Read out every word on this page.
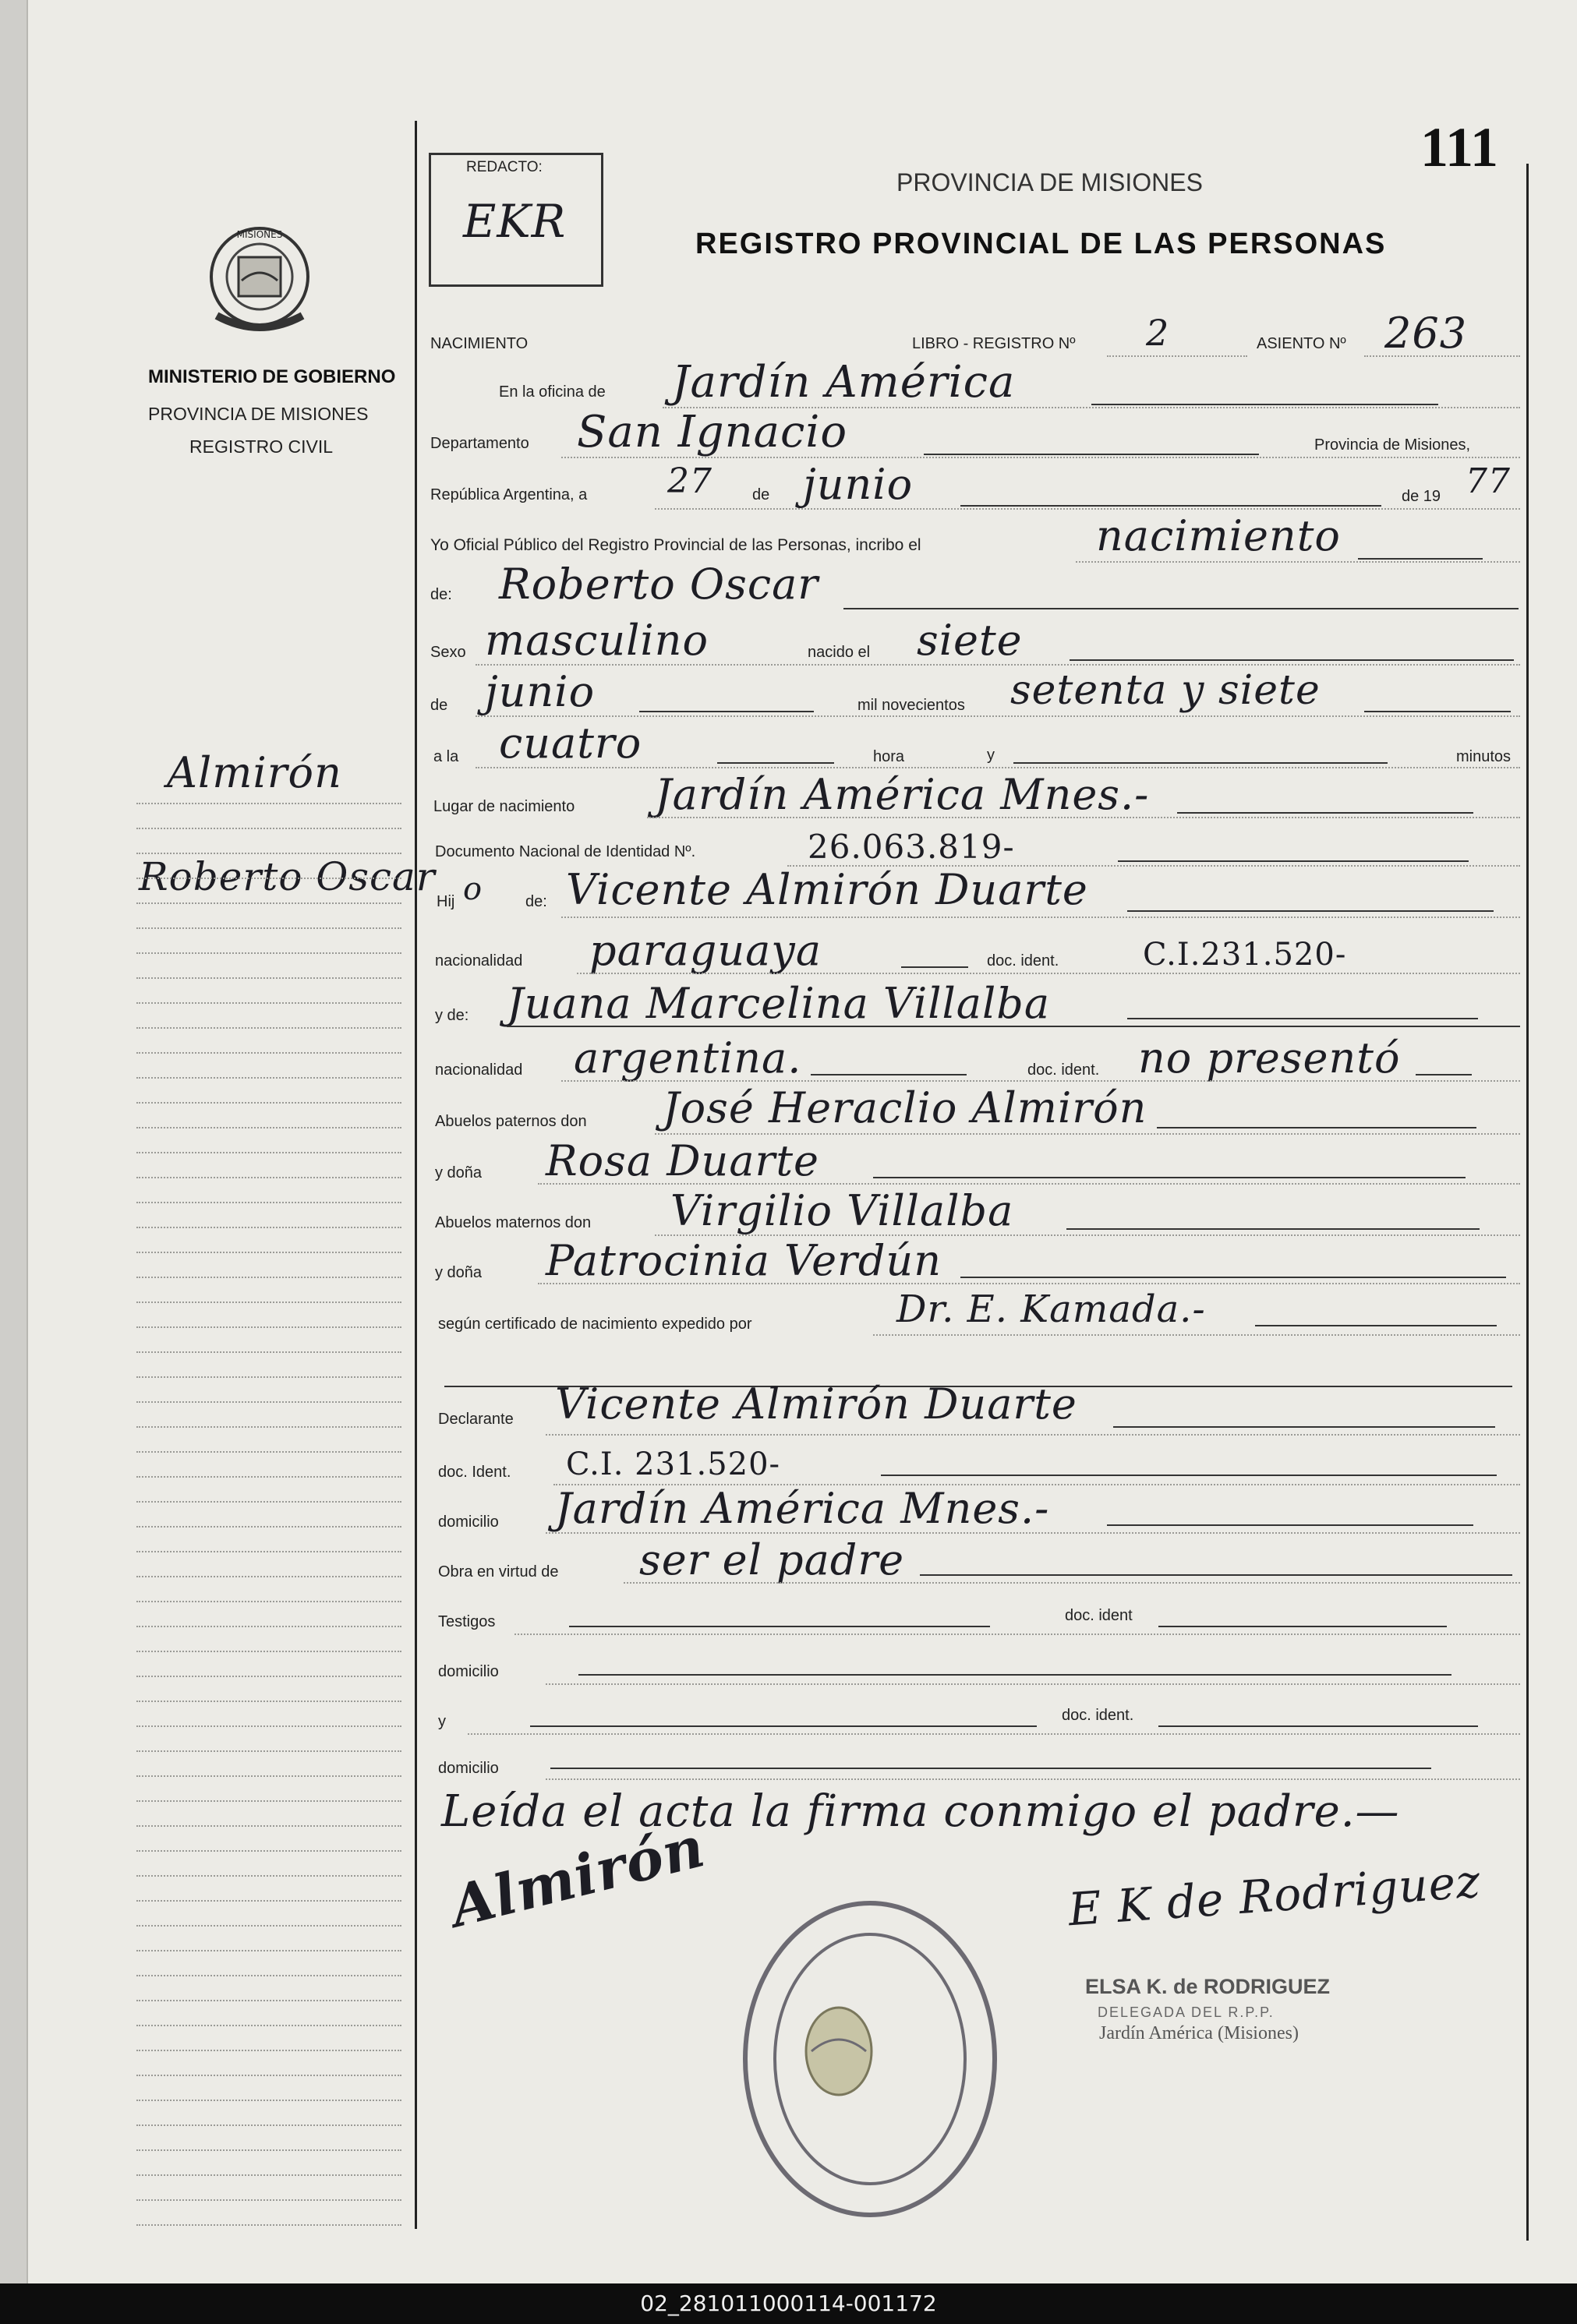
111
REDACTO:
EKR
PROVINCIA DE MISIONES
REGISTRO PROVINCIAL DE LAS PERSONAS
MISIONES
MINISTERIO DE GOBIERNO
PROVINCIA DE MISIONES
REGISTRO CIVIL
Almirón
Roberto Oscar
NACIMIENTO	LIBRO - REGISTRO Nº 2	ASIENTO Nº 263
En la oficina de Jardín América
Departamento San Ignacio	Provincia de Misiones,
República Argentina, a 27	de junio	de 19 77
Yo Oficial Público del Registro Provincial de las Personas, incribo el	nacimiento
de: Roberto Oscar
Sexo masculino	nacido el siete
de junio	mil novecientos setenta y siete
a la cuatro	hora	y	minutos
Lugar de nacimiento Jardín América Mnes.-
Documento Nacional de Identidad Nº.	26.063.819-
Hij o	de: Vicente Almirón Duarte
nacionalidad paraguaya	doc. ident.	C.I.231.520-
y de: Juana Marcelina Villalba
nacionalidad argentina.	doc. ident. no presentó
Abuelos paternos don José Heraclio Almirón
y doña Rosa Duarte
Abuelos maternos don Virgilio Villalba
y doña Patrocinia Verdún
según certificado de nacimiento expedido por	Dr. E. Kamada.-
Declarante Vicente Almirón Duarte
doc. Ident. C.I. 231.520-
domicilio Jardín América Mnes.-
Obra en virtud de ser el padre
Testigos	doc. ident
domicilio
y	doc. ident.
domicilio
Leída el acta la firma conmigo el padre.—
Almirón	E K de Rodriguez
ELSA K. de RODRIGUEZ
DELEGADA DEL R.P.P.
Jardín América (Misiones)
02_281011000114-001172
